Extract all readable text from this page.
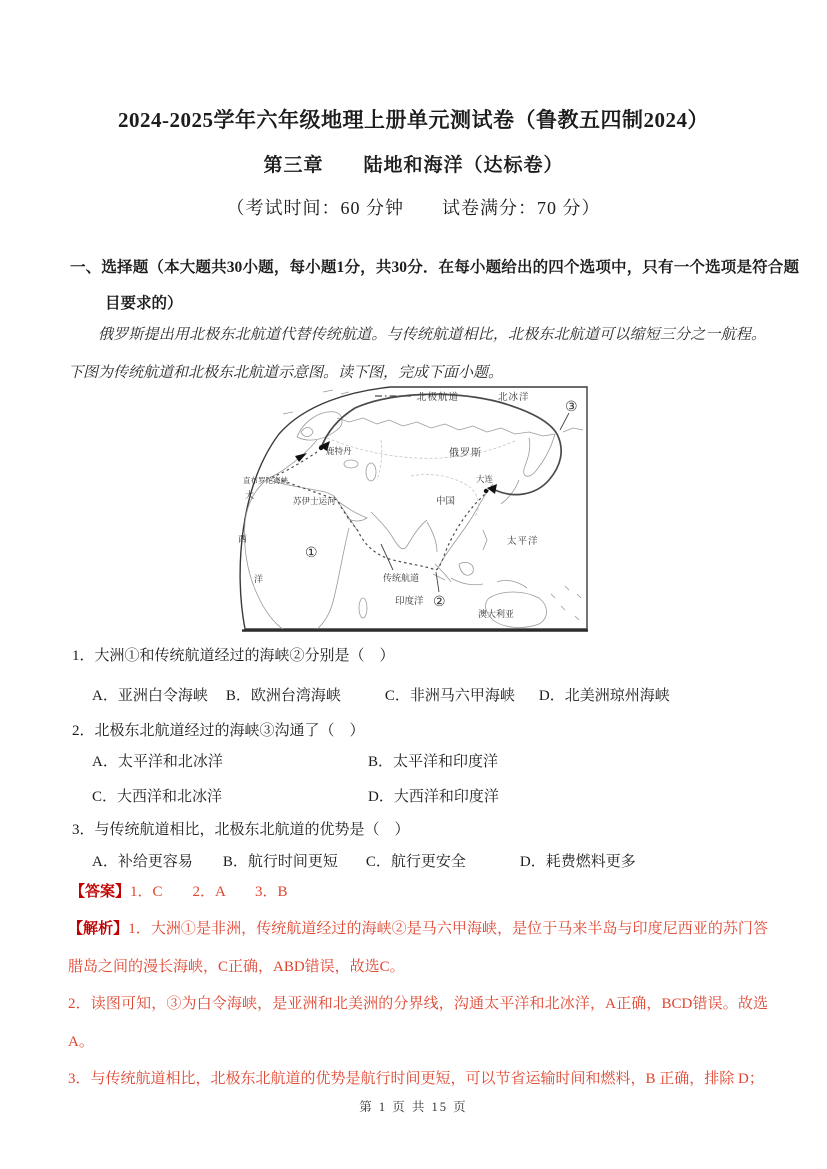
2024-2025学年六年级地理上册单元测试卷（鲁教五四制2024）
第三章　　陆地和海洋（达标卷）
（考试时间：60 分钟　　试卷满分：70 分）
一、选择题（本大题共30小题，每小题1分，共30分．在每小题给出的四个选项中，只有一个选项是符合题目要求的）
俄罗斯提出用北极东北航道代替传统航道。与传统航道相比，北极东北航道可以缩短三分之一航程。下图为传统航道和北极东北航道示意图。读下图，完成下面小题。
北极航道	北冰洋
俄罗斯
鹿特丹
直布罗陀海峡
大
西
洋
苏伊士运河	中国
大连
传统航道
印度洋
太平洋
澳大利亚
①
②
③
1．大洲①和传统航道经过的海峡②分别是（　）
A．亚洲白令海峡 B．欧洲台湾海峡	C．非洲马六甲海峡 D．北美洲琼州海峡
2．北极东北航道经过的海峡③沟通了（　）
A．太平洋和北冰洋	B．太平洋和印度洋
C．大西洋和北冰洋	D．大西洋和印度洋
3．与传统航道相比，北极东北航道的优势是（　）
A．补给更容易 B．航行时间更短 C．航行更安全	D．耗费燃料更多
【答案】1．C　　2．A　　3．B

【解析】1．大洲①是非洲，传统航道经过的海峡②是马六甲海峡，是位于马来半岛与印度尼西亚的苏门答腊岛之间的漫长海峡，C正确，ABD错误，故选C。

2．读图可知，③为白令海峡，是亚洲和北美洲的分界线，沟通太平洋和北冰洋，A正确，BCD错误。故选A。

3．与传统航道相比，北极东北航道的优势是航行时间更短，可以节省运输时间和燃料，B 正确，排除 D；

第 1 页 共 15 页
